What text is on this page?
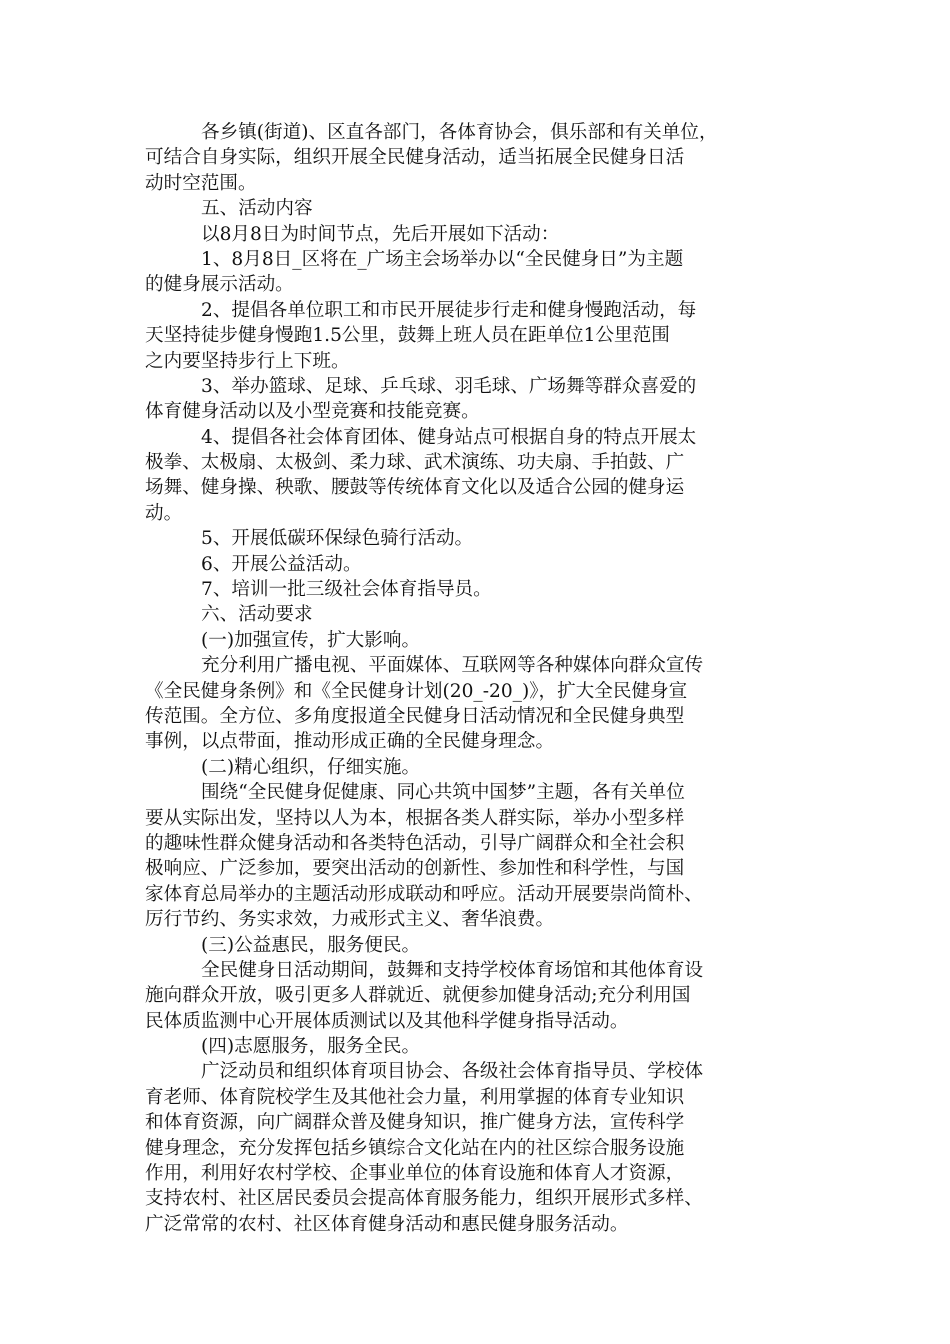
各乡镇(街道)、区直各部门，各体育协会，俱乐部和有关单位，
可结合自身实际，组织开展全民健身活动，适当拓展全民健身日活
动时空范围。
五、活动内容
以8月8日为时间节点，先后开展如下活动：
1、8月8日_区将在_广场主会场举办以“全民健身日”为主题
的健身展示活动。
2、提倡各单位职工和市民开展徒步行走和健身慢跑活动，每
天坚持徒步健身慢跑1.5公里，鼓舞上班人员在距单位1公里范围
之内要坚持步行上下班。
3、举办篮球、足球、乒乓球、羽毛球、广场舞等群众喜爱的
体育健身活动以及小型竞赛和技能竞赛。
4、提倡各社会体育团体、健身站点可根据自身的特点开展太
极拳、太极扇、太极剑、柔力球、武术演练、功夫扇、手拍鼓、广
场舞、健身操、秧歌、腰鼓等传统体育文化以及适合公园的健身运
动。
5、开展低碳环保绿色骑行活动。
6、开展公益活动。
7、培训一批三级社会体育指导员。
六、活动要求
(一)加强宣传，扩大影响。
充分利用广播电视、平面媒体、互联网等各种媒体向群众宣传
《全民健身条例》和《全民健身计划(20_-20_)》，扩大全民健身宣
传范围。全方位、多角度报道全民健身日活动情况和全民健身典型
事例，以点带面，推动形成正确的全民健身理念。
(二)精心组织，仔细实施。
围绕“全民健身促健康、同心共筑中国梦”主题，各有关单位
要从实际出发，坚持以人为本，根据各类人群实际，举办小型多样
的趣味性群众健身活动和各类特色活动，引导广阔群众和全社会积
极响应、广泛参加，要突出活动的创新性、参加性和科学性，与国
家体育总局举办的主题活动形成联动和呼应。活动开展要崇尚简朴、
厉行节约、务实求效，力戒形式主义、奢华浪费。
(三)公益惠民，服务便民。
全民健身日活动期间，鼓舞和支持学校体育场馆和其他体育设
施向群众开放，吸引更多人群就近、就便参加健身活动;充分利用国
民体质监测中心开展体质测试以及其他科学健身指导活动。
(四)志愿服务，服务全民。
广泛动员和组织体育项目协会、各级社会体育指导员、学校体
育老师、体育院校学生及其他社会力量，利用掌握的体育专业知识
和体育资源，向广阔群众普及健身知识，推广健身方法，宣传科学
健身理念，充分发挥包括乡镇综合文化站在内的社区综合服务设施
作用，利用好农村学校、企事业单位的体育设施和体育人才资源，
支持农村、社区居民委员会提高体育服务能力，组织开展形式多样、
广泛常常的农村、社区体育健身活动和惠民健身服务活动。
